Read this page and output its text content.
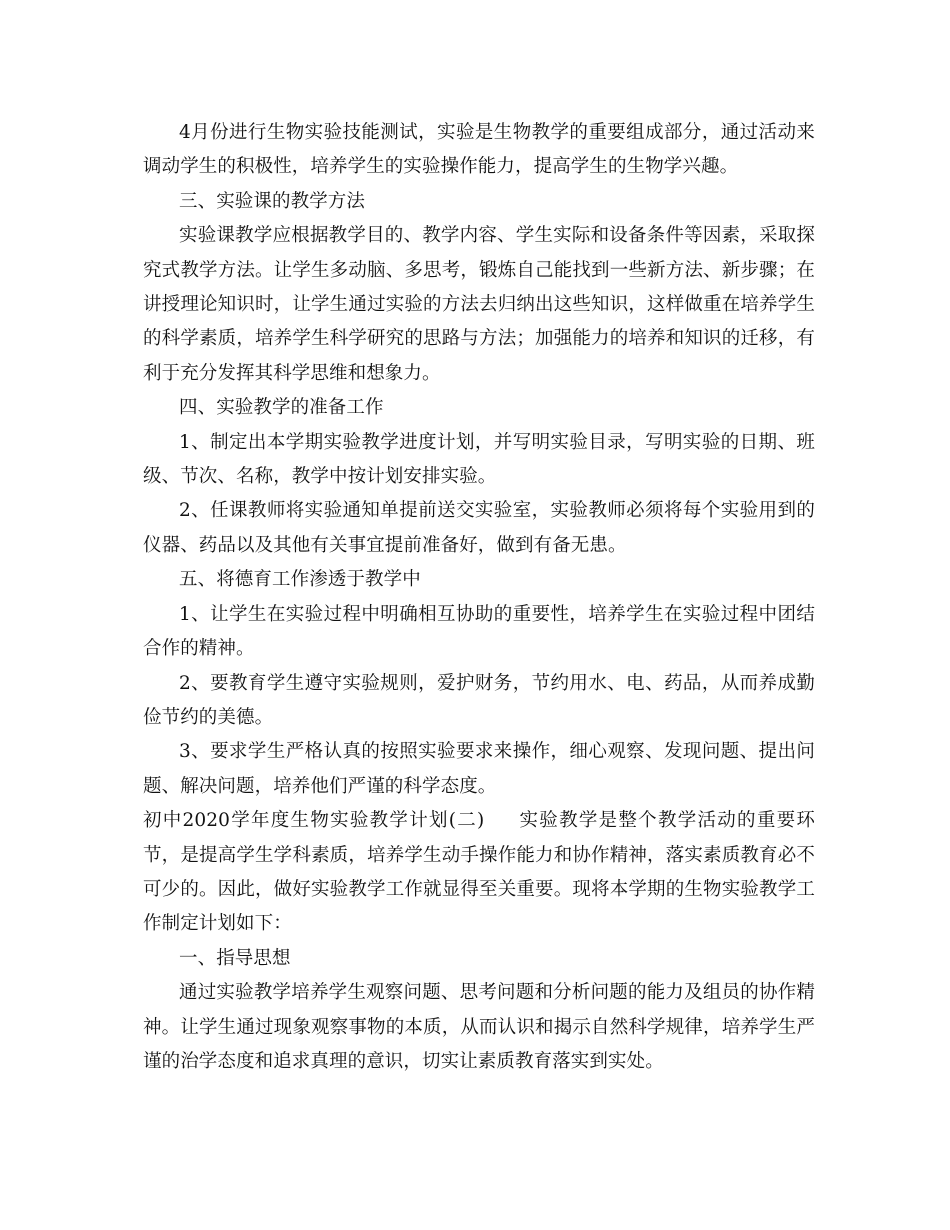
4月份进行生物实验技能测试，实验是生物教学的重要组成部分，通过活动来调动学生的积极性，培养学生的实验操作能力，提高学生的生物学兴趣。

三、实验课的教学方法

实验课教学应根据教学目的、教学内容、学生实际和设备条件等因素，采取探究式教学方法。让学生多动脑、多思考，锻炼自己能找到一些新方法、新步骤；在讲授理论知识时，让学生通过实验的方法去归纳出这些知识，这样做重在培养学生的科学素质，培养学生科学研究的思路与方法；加强能力的培养和知识的迁移，有利于充分发挥其科学思维和想象力。

四、实验教学的准备工作

1、制定出本学期实验教学进度计划，并写明实验目录，写明实验的日期、班级、节次、名称，教学中按计划安排实验。

2、任课教师将实验通知单提前送交实验室，实验教师必须将每个实验用到的仪器、药品以及其他有关事宜提前准备好，做到有备无患。

五、将德育工作渗透于教学中

1、让学生在实验过程中明确相互协助的重要性，培养学生在实验过程中团结合作的精神。

2、要教育学生遵守实验规则，爱护财务，节约用水、电、药品，从而养成勤俭节约的美德。

3、要求学生严格认真的按照实验要求来操作，细心观察、发现问题、提出问题、解决问题，培养他们严谨的科学态度。

初中2020学年度生物实验教学计划(二) 实验教学是整个教学活动的重要环节，是提高学生学科素质，培养学生动手操作能力和协作精神，落实素质教育必不可少的。因此，做好实验教学工作就显得至关重要。现将本学期的生物实验教学工作制定计划如下：

一、指导思想

通过实验教学培养学生观察问题、思考问题和分析问题的能力及组员的协作精神。让学生通过现象观察事物的本质，从而认识和揭示自然科学规律，培养学生严谨的治学态度和追求真理的意识，切实让素质教育落实到实处。
